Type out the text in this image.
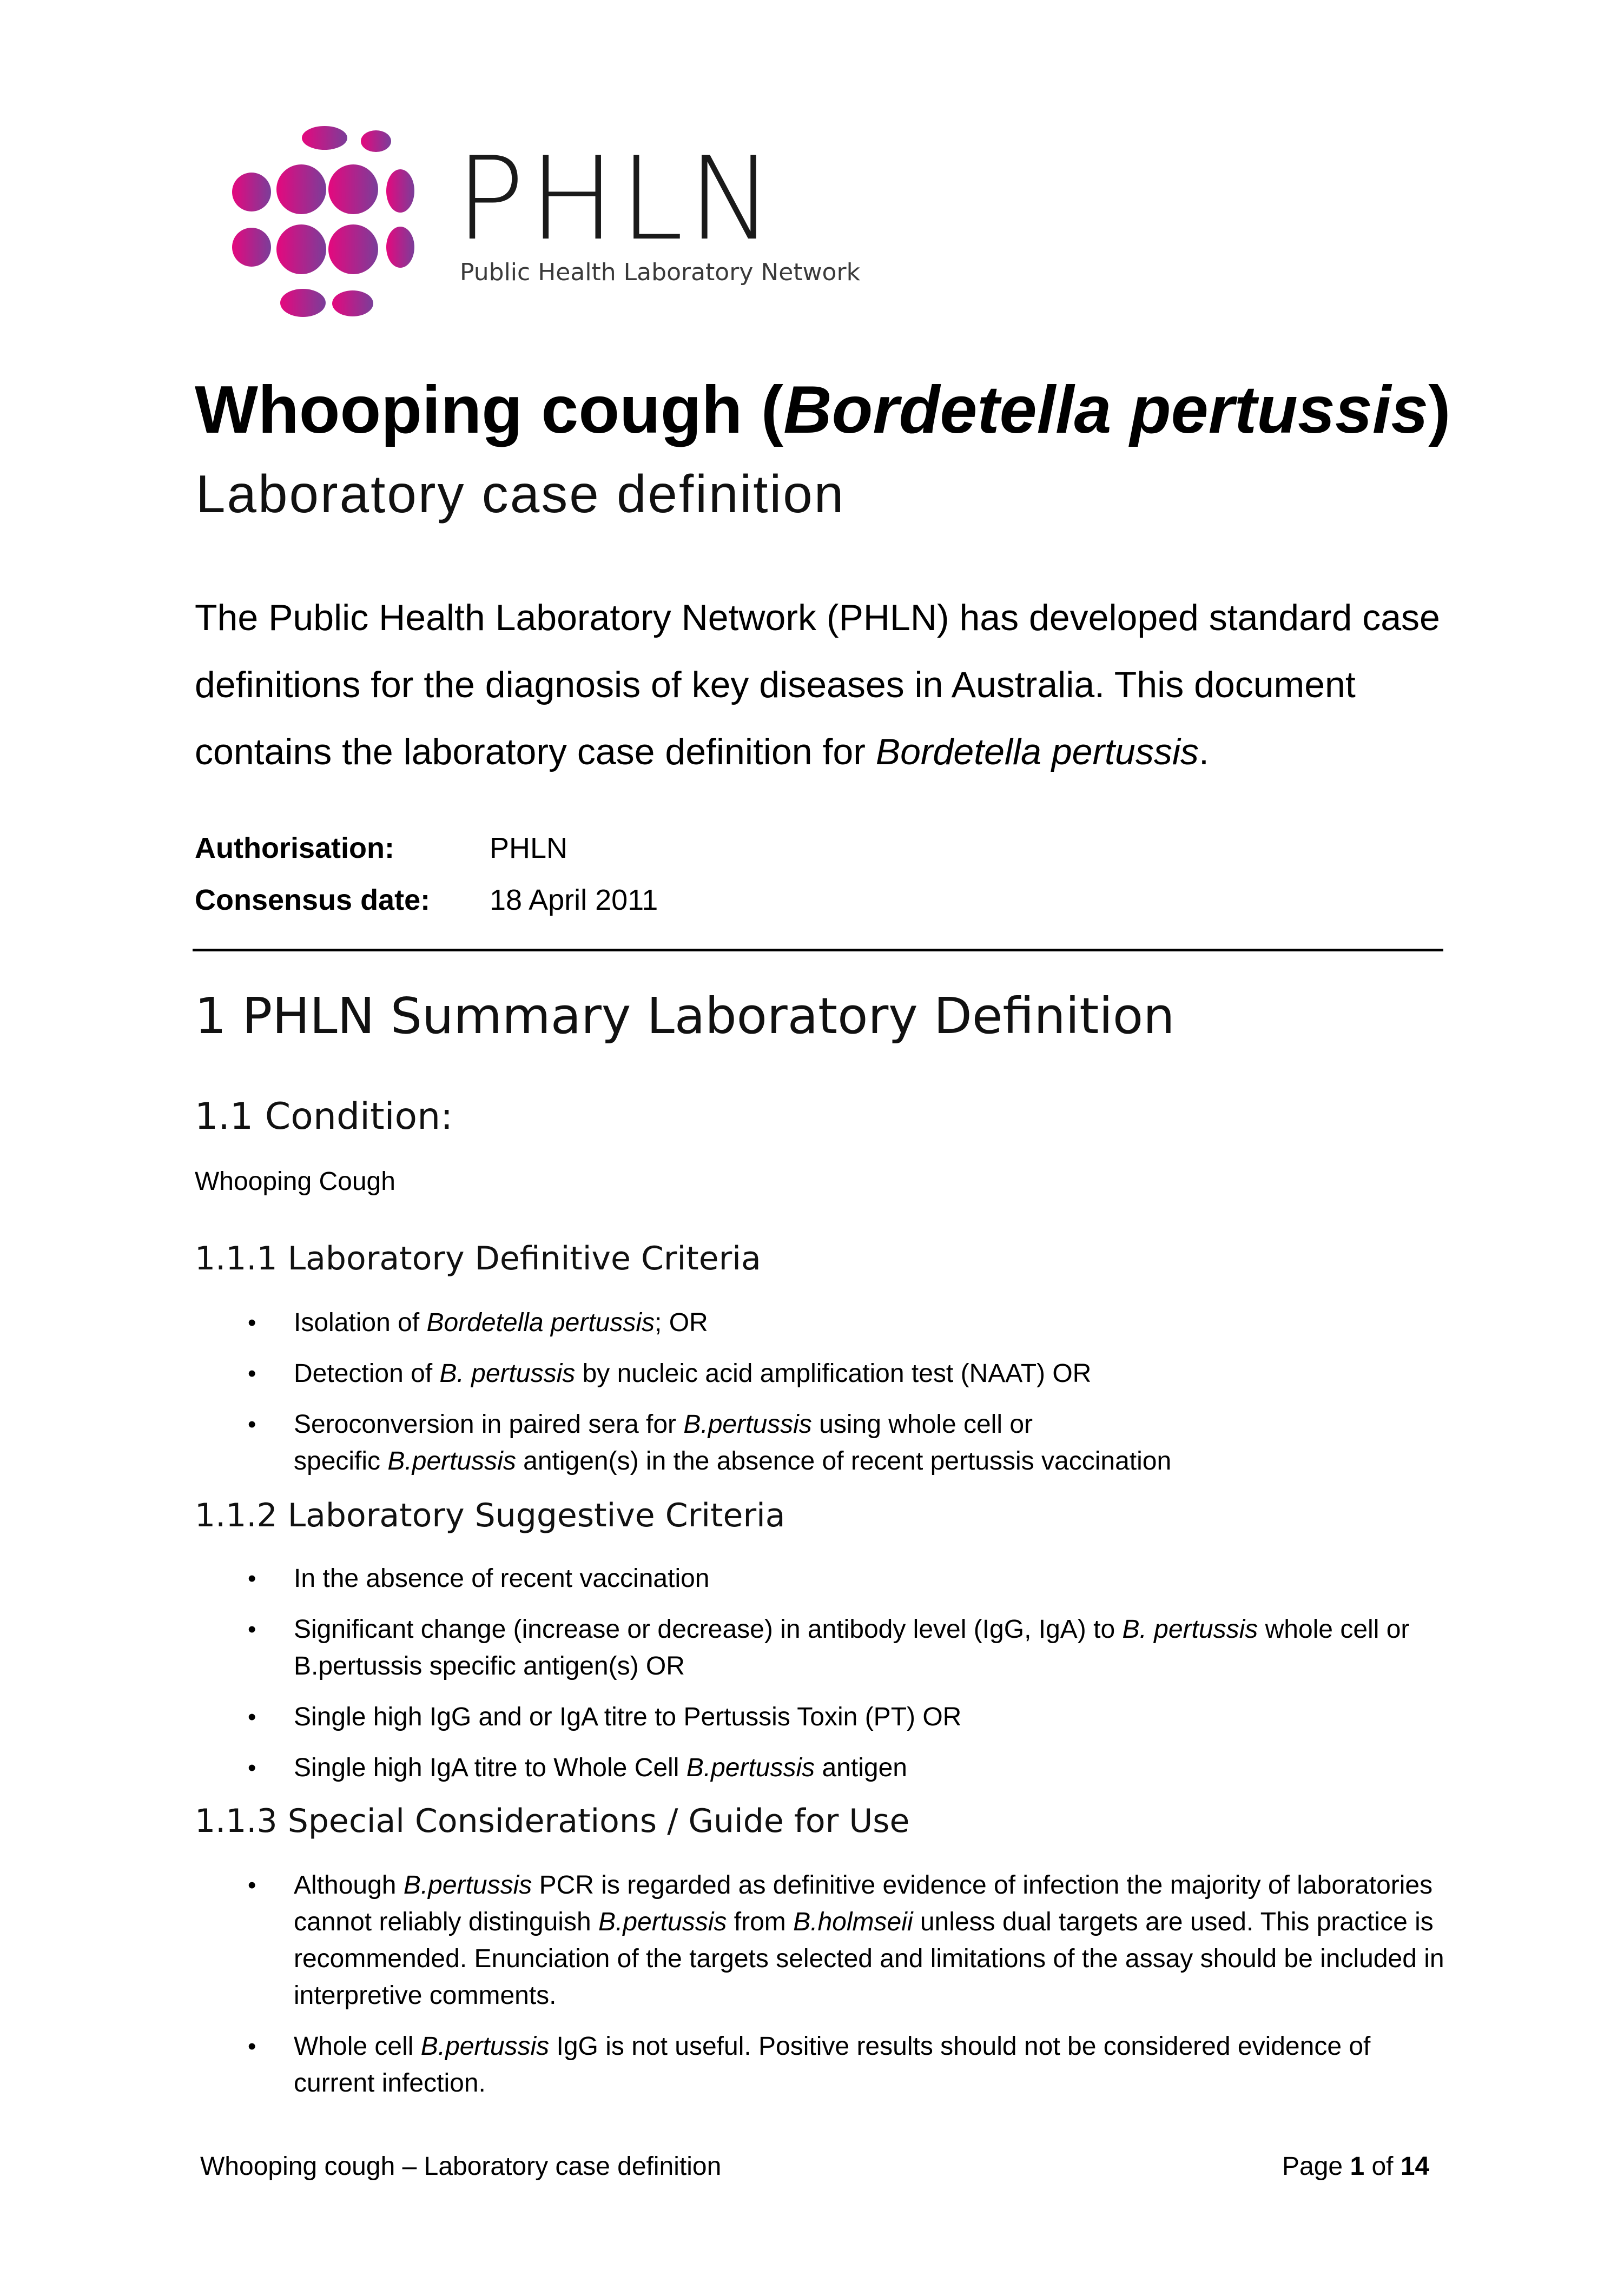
PHLN
Public Health Laboratory Network
Whooping cough (Bordetella pertussis)
Laboratory case definition
The Public Health Laboratory Network (PHLN) has developed standard case definitions for the diagnosis of key diseases in Australia. This document contains the laboratory case definition for Bordetella pertussis.
Authorisation:	PHLN
Consensus date:	18 April 2011
1 PHLN Summary Laboratory Definition
1.1 Condition:
Whooping Cough
1.1.1 Laboratory Definitive Criteria
• Isolation of Bordetella pertussis; OR
• Detection of B. pertussis by nucleic acid amplification test (NAAT) OR
• Seroconversion in paired sera for B.pertussis using whole cell or
specific B.pertussis antigen(s) in the absence of recent pertussis vaccination
1.1.2 Laboratory Suggestive Criteria
• In the absence of recent vaccination
• Significant change (increase or decrease) in antibody level (IgG, IgA) to B. pertussis whole cell or B.pertussis specific antigen(s) OR
• Single high IgG and or IgA titre to Pertussis Toxin (PT) OR
• Single high IgA titre to Whole Cell B.pertussis antigen
1.1.3 Special Considerations / Guide for Use
• Although B.pertussis PCR is regarded as definitive evidence of infection the majority of laboratories cannot reliably distinguish B.pertussis from B.holmseii unless dual targets are used. This practice is recommended. Enunciation of the targets selected and limitations of the assay should be included in interpretive comments.
• Whole cell B.pertussis IgG is not useful. Positive results should not be considered evidence of current infection.
Whooping cough – Laboratory case definition	Page 1 of 14
